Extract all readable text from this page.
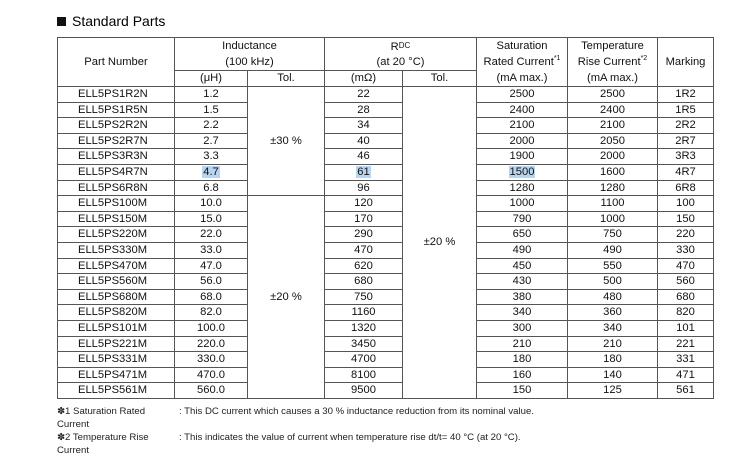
Standard Parts
Part Number	Inductance		$R_{DC}$		Saturation	Temperature	Marking
	(100 kHz)		(at 20 °C)		Rated Current$^{*1}$	Rise Current$^{*2}$
	(μH)	Tol.	(mΩ)	Tol.	(mA max.)	(mA max.)	
ELL5PS1R2N	1.2	±30 %	22	±20 %	2500	2500	1R2
ELL5PS1R5N	1.5		28		2400	2400	1R5
ELL5PS2R2N	2.2		34		2100	2100	2R2
ELL5PS2R7N	2.7		40		2000	2050	2R7
ELL5PS3R3N	3.3		46		1900	2000	3R3
ELL5PS4R7N	4.7		61		1500	1600	4R7
ELL5PS6R8N	6.8		96		1280	1280	6R8
ELL5PS100M	10.0	±20 %	120		1000	1100	100
ELL5PS150M	15.0		170		790	1000	150
ELL5PS220M	22.0		290		650	750	220
ELL5PS330M	33.0		470		490	490	330
ELL5PS470M	47.0		620		450	550	470
ELL5PS560M	56.0		680		430	500	560
ELL5PS680M	68.0		750		380	480	680
ELL5PS820M	82.0		1160		340	360	820
ELL5PS101M	100.0		1320		300	340	101
ELL5PS221M	220.0		3450		210	210	221
ELL5PS331M	330.0		4700		180	180	331
ELL5PS471M	470.0		8100		160	140	471
ELL5PS561M	560.0		9500		150	125	561
✽1 Saturation Rated Current
: This DC current which causes a 30 % inductance reduction from its nominal value.
✽2 Temperature Rise Current
: This indicates the value of current when temperature rise dt/t= 40 °C (at 20 °C).
